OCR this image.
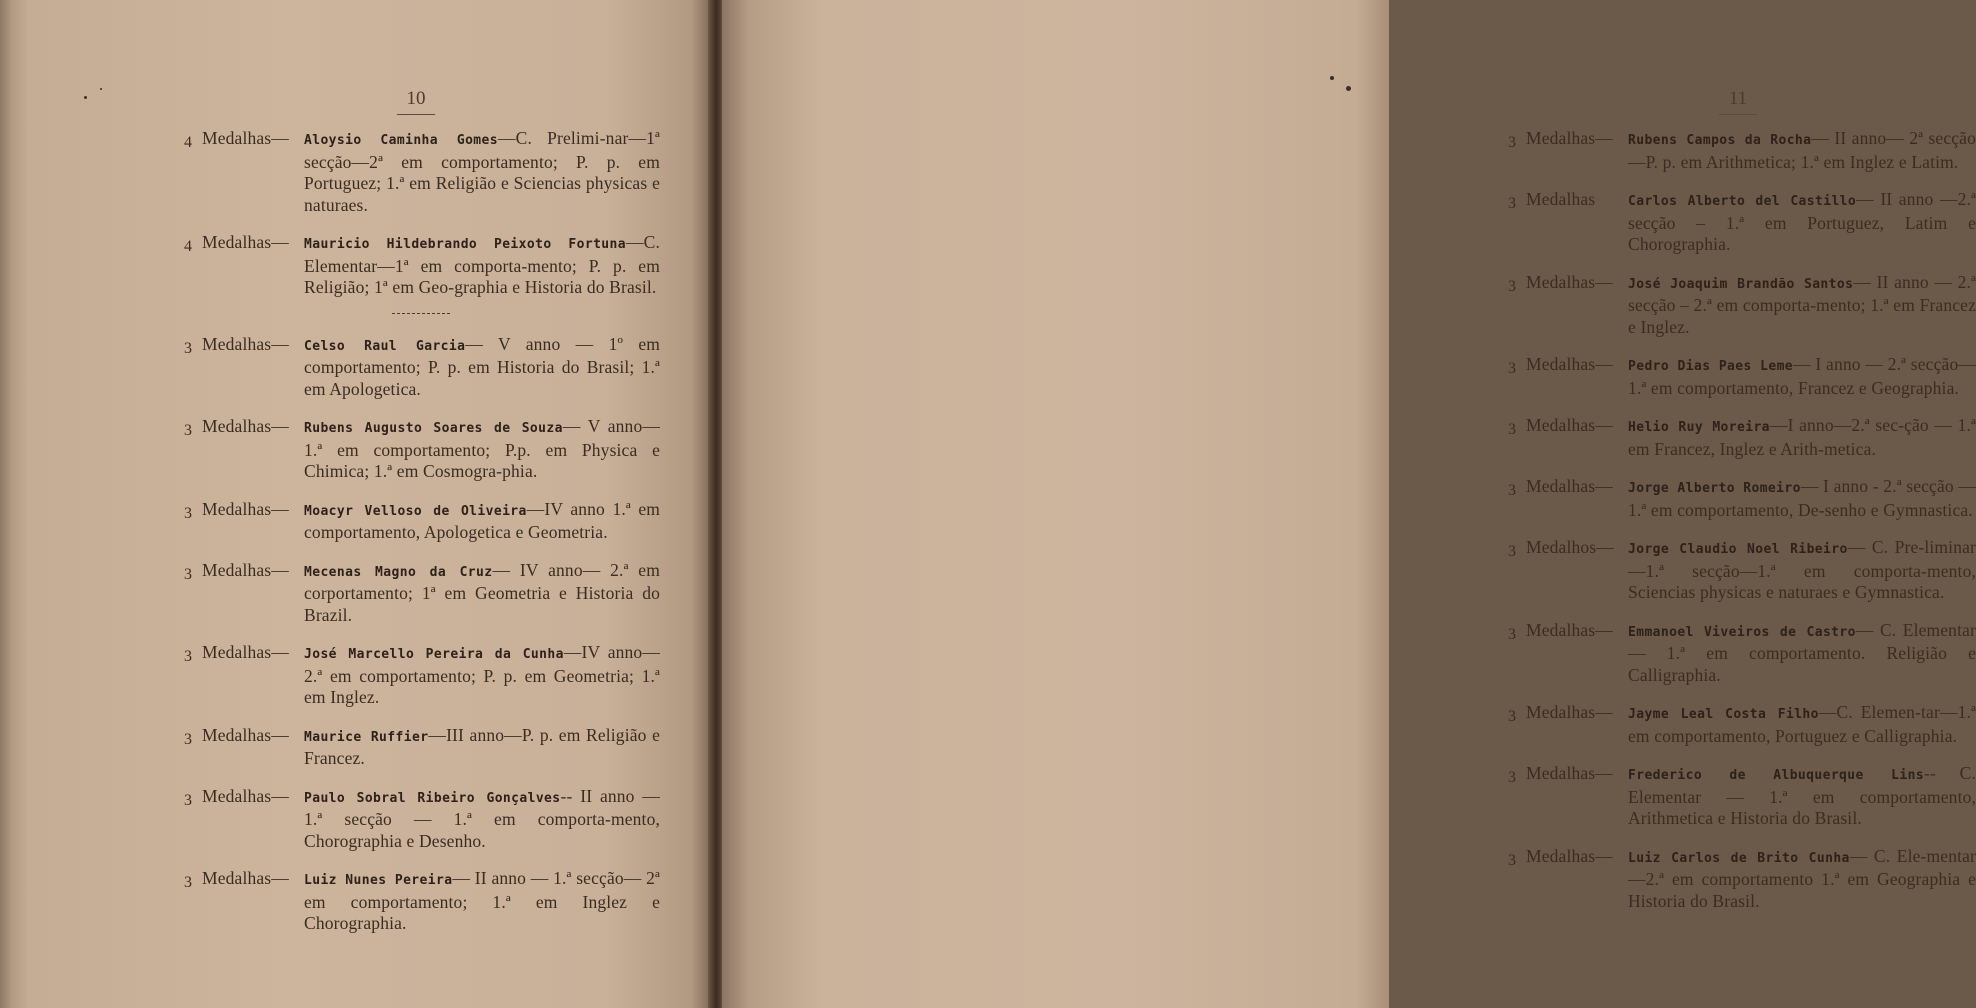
10
4 Medalhas— Aloysio Caminha Gomes—C. Prelimi-nar—1ª secção—2ª em comportamento; P. p. em Portuguez; 1.ª em Religião e Sciencias physicas e naturaes.
4 Medalhas— Mauricio Hildebrando Peixoto Fortuna—C. Elementar—1ª em comporta-mento; P. p. em Religião; 1ª em Geo-graphia e Historia do Brasil.
3 Medalhas— Celso Raul Garcia— V anno — 1º em comportamento; P. p. em Historia do Brasil; 1.ª em Apologetica.
3 Medalhas— Rubens Augusto Soares de Souza— V anno—1.ª em comportamento; P.p. em Physica e Chimica; 1.ª em Cosmogra-phia.
3 Medalhas— Moacyr Velloso de Oliveira—IV anno 1.ª em comportamento, Apologetica e Geometria.
3 Medalhas— Mecenas Magno da Cruz— IV anno— 2.ª em corportamento; 1ª em Geometria e Historia do Brazil.
3 Medalhas— José Marcello Pereira da Cunha—IV anno—2.ª em comportamento; P. p. em Geometria; 1.ª em Inglez.
3 Medalhas— Maurice Ruffier—III anno—P. p. em Religião e Francez.
3 Medalhas— Paulo Sobral Ribeiro Gonçalves-- II anno — 1.ª secção — 1.ª em comporta-mento, Chorographia e Desenho.
3 Medalhas— Luiz Nunes Pereira— II anno — 1.ª secção— 2ª em comportamento; 1.ª em Inglez e Chorographia.
11
3 Medalhas— Rubens Campos da Rocha— II anno— 2ª secção—P. p. em Arithmetica; 1.ª em Inglez e Latim.
3 Medalhas	Carlos Alberto del Castillo— II anno —2.ª secção – 1.ª em Portuguez, Latim e Chorographia.
3 Medalhas— José Joaquim Brandão Santos— II anno — 2.ª secção – 2.ª em comporta-mento; 1.ª em Francez e Inglez.
3 Medalhas— Pedro Dias Paes Leme— I anno — 2.ª secção—1.ª em comportamento, Francez e Geographia.
3 Medalhas— Helio Ruy Moreira—I anno—2.ª sec-ção — 1.ª em Francez, Inglez e Arith-metica.
3 Medalhas— Jorge Alberto Romeiro— I anno - 2.ª secção — 1.ª em comportamento, De-senho e Gymnastica.
3 Medalhos— Jorge Claudio Noel Ribeiro— C. Pre-liminar—1.ª secção—1.ª em comporta-mento, Sciencias physicas e naturaes e Gymnastica.
3 Medalhas— Emmanoel Viveiros de Castro— C. Elementar — 1.ª em comportamento. Religião e Calligraphia.
3 Medalhas— Jayme Leal Costa Filho—C. Elemen-tar—1.ª em comportamento, Portuguez e Calligraphia.
3 Medalhas— Frederico de Albuquerque Lins-- C. Elementar — 1.ª em comportamento, Arithmetica e Historia do Brasil.
3 Medalhas— Luiz Carlos de Brito Cunha— C. Ele-mentar—2.ª em comportamento 1.ª em Geographia e Historia do Brasil.
